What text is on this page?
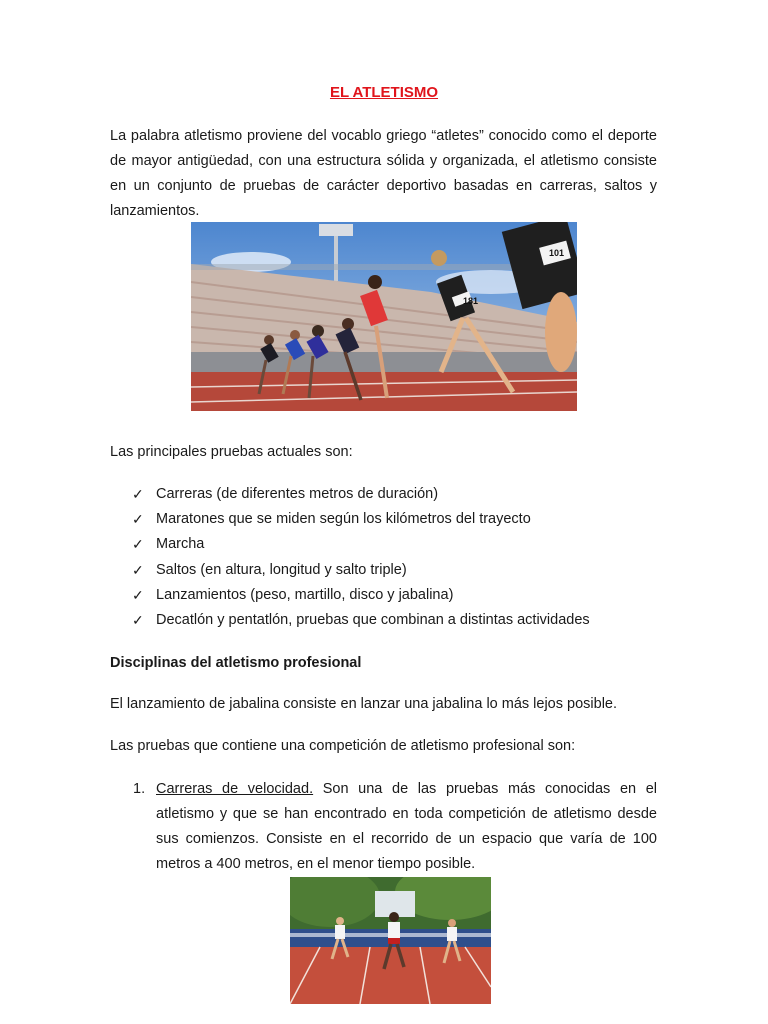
EL ATLETISMO

La palabra atletismo proviene del vocablo griego “atletes” conocido como el deporte de mayor antigüedad, con una estructura sólida y organizada, el atletismo consiste en un conjunto de pruebas de carácter deportivo basadas en carreras, saltos y lanzamientos.

181
101

Las principales pruebas actuales son:

✓ Carreras (de diferentes metros de duración)
✓ Maratones que se miden según los kilómetros del trayecto
✓ Marcha
✓ Saltos (en altura, longitud y salto triple)
✓ Lanzamientos (peso, martillo, disco y jabalina)
✓ Decatlón y pentatlón, pruebas que combinan a distintas actividades

Disciplinas del atletismo profesional

El lanzamiento de jabalina consiste en lanzar una jabalina lo más lejos posible.

Las pruebas que contiene una competición de atletismo profesional son:

1. Carreras de velocidad. Son una de las pruebas más conocidas en el atletismo y que se han encontrado en toda competición de atletismo desde sus comienzos. Consiste en el recorrido de un espacio que varía de 100 metros a 400 metros, en el menor tiempo posible.
